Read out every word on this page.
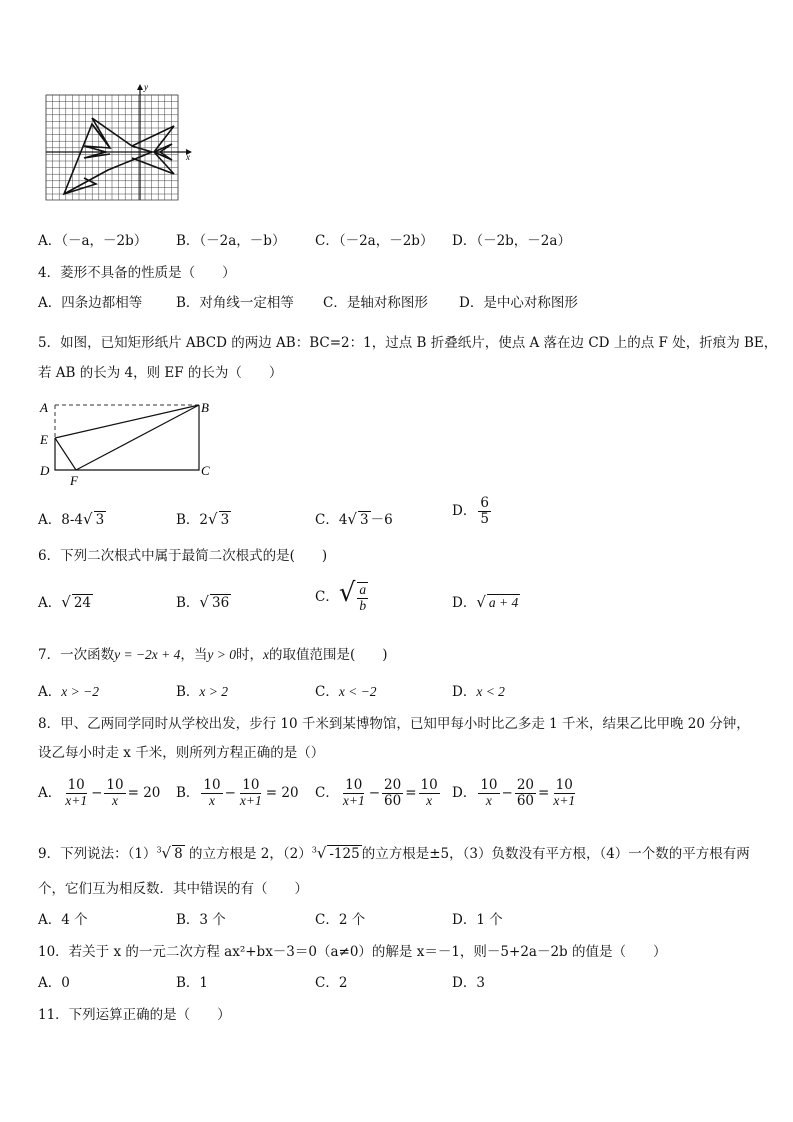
y
x
A．（－a，－2b） B．（－2a，－b） C．（－2a，－2b） D．（－2b，－2a）
4．菱形不具备的性质是（　　）
A．四条边都相等	B．对角线一定相等 C．是轴对称图形 D．是中心对称图形
5．如图，已知矩形纸片 ABCD 的两边 AB：BC=2：1，过点 B 折叠纸片，使点 A 落在边 CD 上的点 F 处，折痕为 BE，
若 AB 的长为 4，则 EF 的长为（　　）
A	B
E
D	C
F
A．8-4√ 3	B．2√ 3	C．4√ 3 －6
D． $\frac{6}{5}$
6．下列二次根式中属于最简二次根式的是(　　)
A．√ 24	B．√ 36	C．√ $\frac{a}{b}$	D．√ a + 4
7．一次函数y = −2x + 4，当y > 0时，x的取值范围是(　　)
A．x > −2	B．x > 2	C．x < −2	D．x < 2
8．甲、乙两同学同时从学校出发，步行 10 千米到某博物馆，已知甲每小时比乙多走 1 千米，结果乙比甲晚 20 分钟，
设乙每小时走 x 千米，则所列方程正确的是（）
A． $\frac{10}{x+1} - \frac{10}{x} = 20$ B． $\frac{10}{x} - \frac{10}{x+1} = 20$ C． $\frac{10}{x+1} - \frac{20}{60} = \frac{10}{x}$ D． $\frac{10}{x} - \frac{20}{60} = \frac{10}{x+1}$
9．下列说法：$(1)^3√$ 8 的立方根是 2，$(2)^3√$ -125 的立方根是±5，（3）负数没有平方根，（4）一个数的平方根有两
个，它们互为相反数．其中错误的有（　　）
A．4 个	B．3 个	C．2 个	D．1 个
10．若关于 x 的一元二次方程 ax²+bx－3＝0（a≠0）的解是 x＝－1，则－5+2a－2b 的值是（　　）
A．0	B．1	C．2	D．3
11．下列运算正确的是（　　）
